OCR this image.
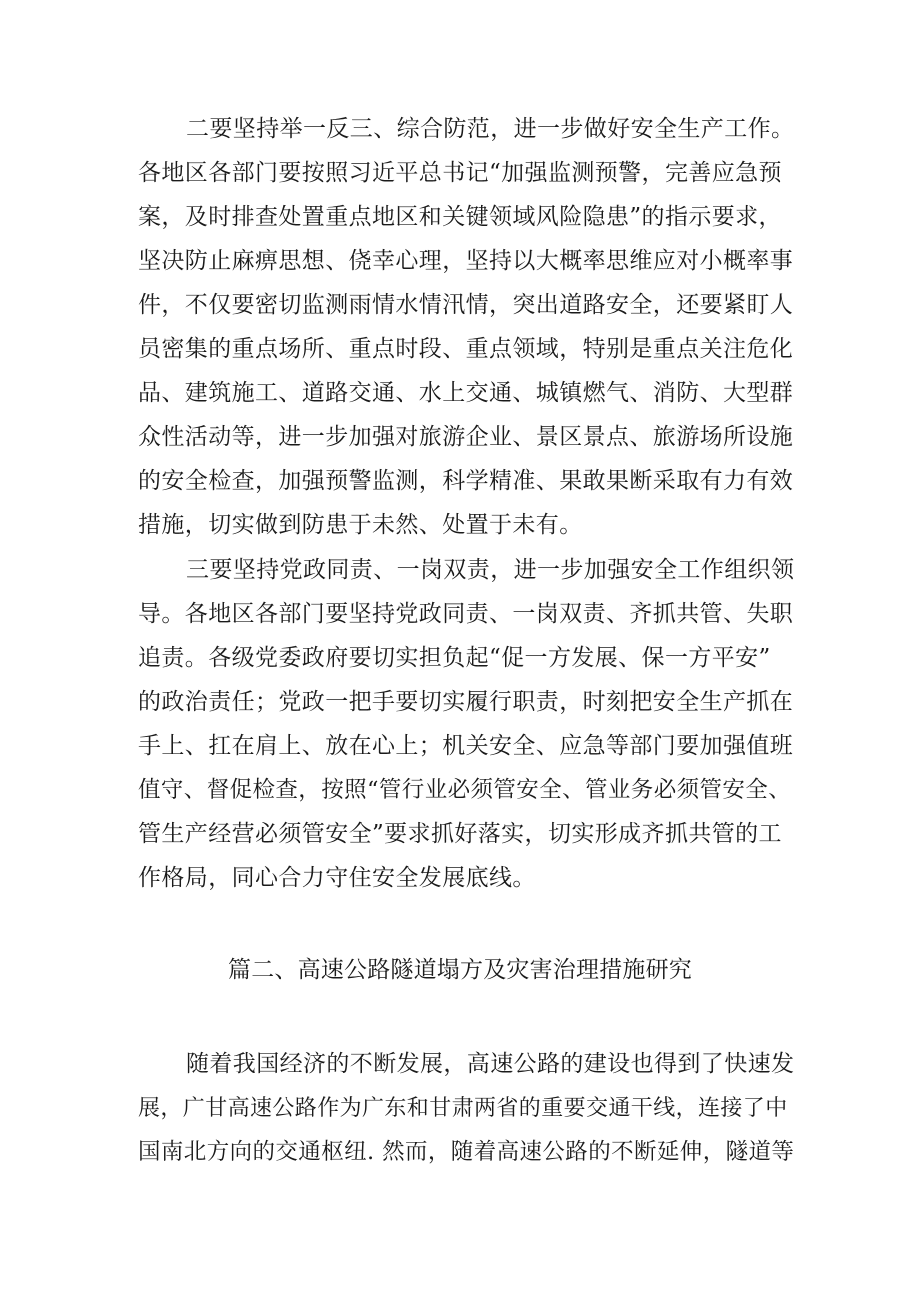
二要坚持举一反三、综合防范，进一步做好安全生产工作。
各地区各部门要按照习近平总书记“加强监测预警，完善应急预
案，及时排查处置重点地区和关键领域风险隐患”的指示要求，
坚决防止麻痹思想、侥幸心理，坚持以大概率思维应对小概率事
件，不仅要密切监测雨情水情汛情，突出道路安全，还要紧盯人
员密集的重点场所、重点时段、重点领域，特别是重点关注危化
品、建筑施工、道路交通、水上交通、城镇燃气、消防、大型群
众性活动等，进一步加强对旅游企业、景区景点、旅游场所设施
的安全检查，加强预警监测，科学精准、果敢果断采取有力有效
措施，切实做到防患于未然、处置于未有。
三要坚持党政同责、一岗双责，进一步加强安全工作组织领
导。各地区各部门要坚持党政同责、一岗双责、齐抓共管、失职
追责。各级党委政府要切实担负起“促一方发展、保一方平安”
的政治责任；党政一把手要切实履行职责，时刻把安全生产抓在
手上、扛在肩上、放在心上；机关安全、应急等部门要加强值班
值守、督促检查，按照“管行业必须管安全、管业务必须管安全、
管生产经营必须管安全”要求抓好落实，切实形成齐抓共管的工
作格局，同心合力守住安全发展底线。
篇二、高速公路隧道塌方及灾害治理措施研究
随着我国经济的不断发展，高速公路的建设也得到了快速发
展，广甘高速公路作为广东和甘肃两省的重要交通干线，连接了中
国南北方向的交通枢纽. 然而，随着高速公路的不断延伸，隧道等
